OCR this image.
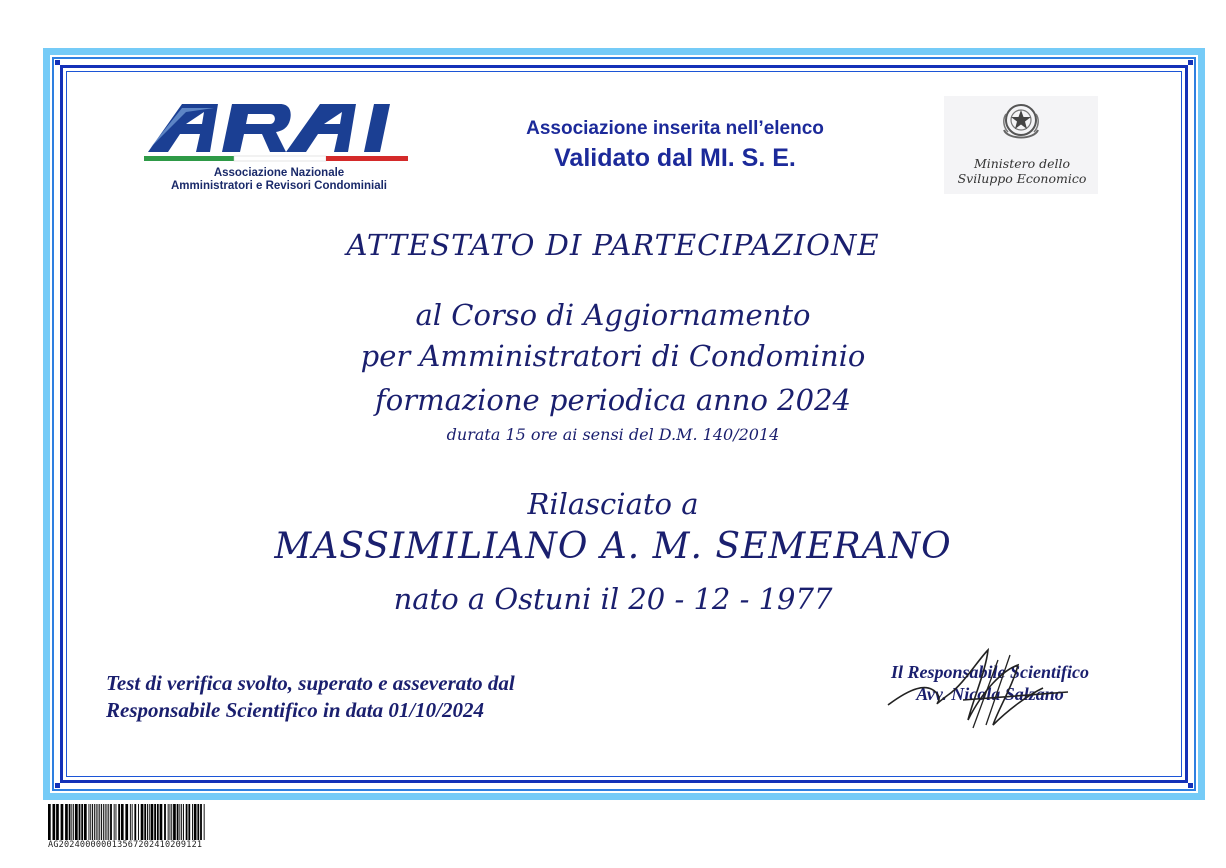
Associazione Nazionale
Amministratori e Revisori Condominiali
Associazione inserita nell’elenco
Validato dal MI. S. E.	Ministero dello
Sviluppo Economico
ATTESTATO DI PARTECIPAZIONE
al Corso di Aggiornamento
per Amministratori di Condominio
formazione periodica anno 2024
durata 15 ore ai sensi del D.M. 140/2014
Rilasciato a
MASSIMILIANO A. M. SEMERANO
nato a Ostuni il 20 - 12 - 1977
Test di verifica svolto, superato e asseverato dal
Responsabile Scientifico in data 01/10/2024
Il Responsabile Scientifico
Avv. Nicola Salzano
AG202400000013567202410209121
